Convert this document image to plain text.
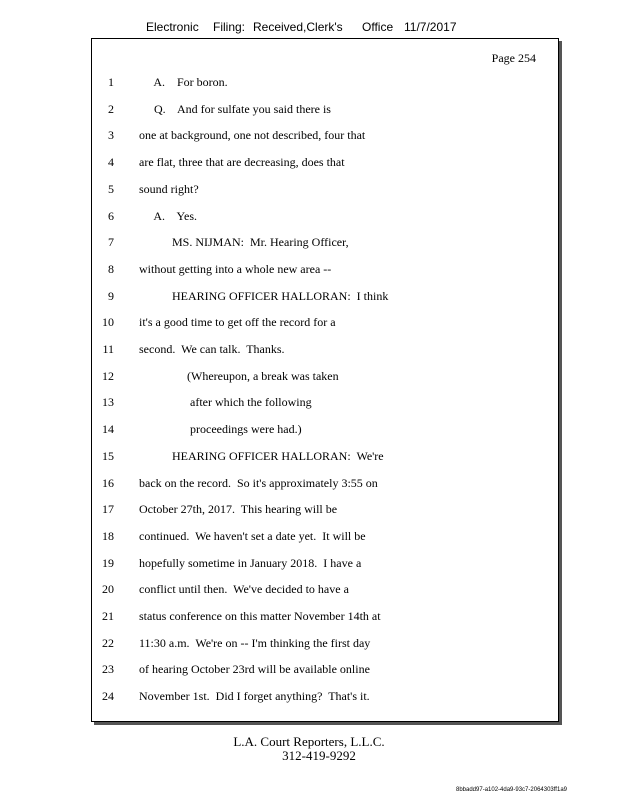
Electronic Filing: Received,Clerk's Office 11/7/2017
Page 254
1 A.    For boron.
2 Q.    And for sulfate you said there is
3 one at background, one not described, four that
4 are flat, three that are decreasing, does that
5 sound right?
6 A.    Yes.
7 MS. NIJMAN:  Mr. Hearing Officer,
8 without getting into a whole new area --
9 HEARING OFFICER HALLORAN:  I think
10 it's a good time to get off the record for a
11 second.  We can talk.  Thanks.
12 (Whereupon, a break was taken
13 after which the following
14 proceedings were had.)
15 HEARING OFFICER HALLORAN:  We're
16 back on the record.  So it's approximately 3:55 on
17 October 27th, 2017.  This hearing will be
18 continued.  We haven't set a date yet.  It will be
19 hopefully sometime in January 2018.  I have a
20 conflict until then.  We've decided to have a
21 status conference on this matter November 14th at
22 11:30 a.m.  We're on -- I'm thinking the first day
23 of hearing October 23rd will be available online
24 November 1st.  Did I forget anything?  That's it.
L.A. Court Reporters, L.L.C.
312-419-9292
8bbadd97-a102-4da9-93c7-2064303ff1a9
